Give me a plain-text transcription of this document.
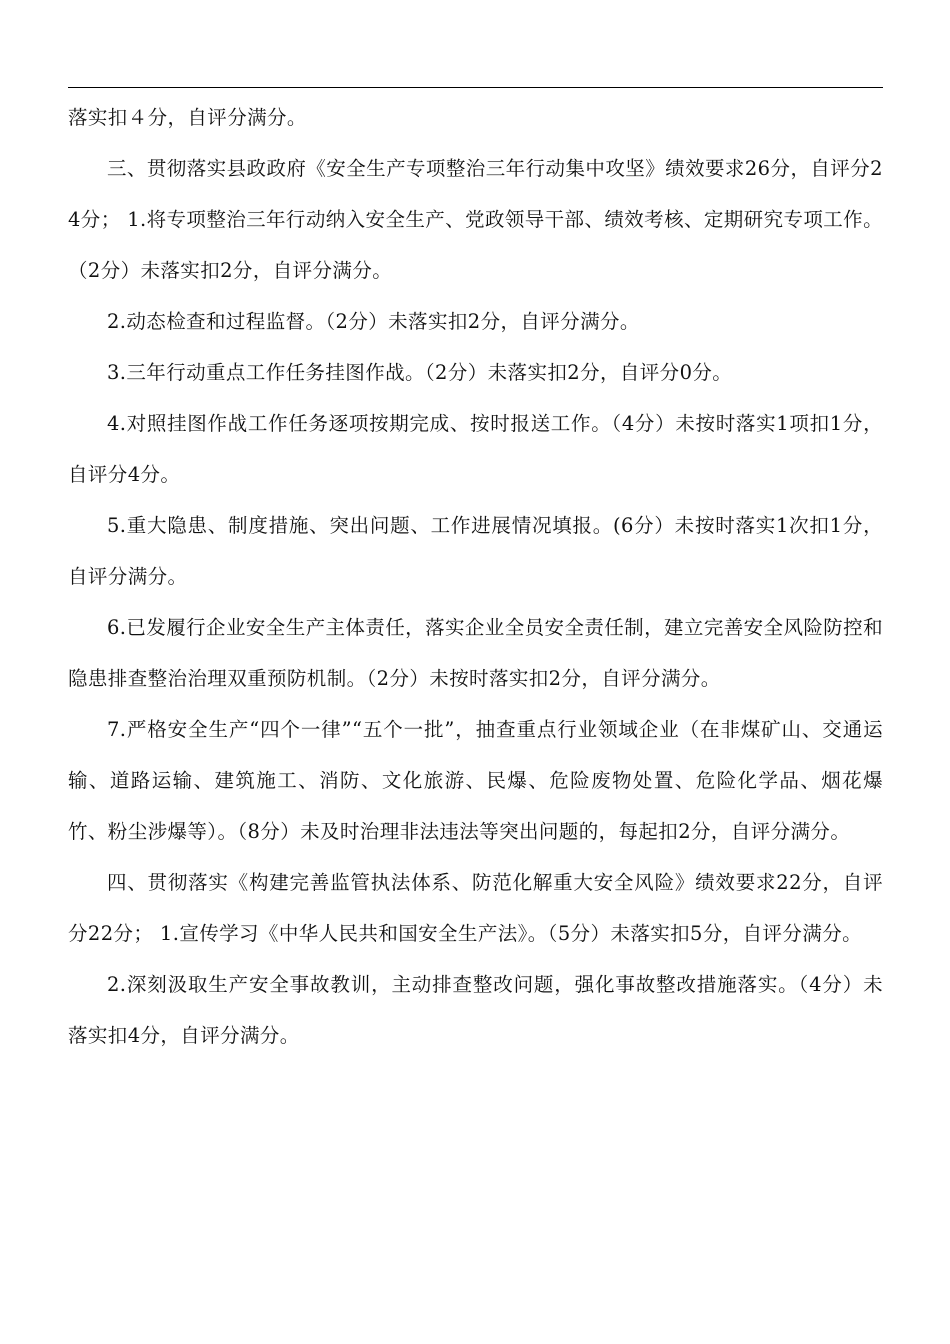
落实扣４分，自评分满分。

三、贯彻落实县政政府《安全生产专项整治三年行动集中攻坚》绩效要求26分，自评分24分； 1.将专项整治三年行动纳入安全生产、党政领导干部、绩效考核、定期研究专项工作。（2分）未落实扣2分，自评分满分。

2.动态检查和过程监督。（2分）未落实扣2分，自评分满分。

3.三年行动重点工作任务挂图作战。（2分）未落实扣2分，自评分0分。

4.对照挂图作战工作任务逐项按期完成、按时报送工作。（4分）未按时落实1项扣1分，自评分4分。

5.重大隐患、制度措施、突出问题、工作进展情况填报。(6分）未按时落实1次扣1分，自评分满分。

6.已发履行企业安全生产主体责任，落实企业全员安全责任制，建立完善安全风险防控和隐患排查整治治理双重预防机制。（2分）未按时落实扣2分，自评分满分。

7.严格安全生产“四个一律”“五个一批”，抽查重点行业领域企业（在非煤矿山、交通运输、道路运输、建筑施工、消防、文化旅游、民爆、危险废物处置、危险化学品、烟花爆竹、粉尘涉爆等）。（8分）未及时治理非法违法等突出问题的，每起扣2分，自评分满分。

四、贯彻落实《构建完善监管执法体系、防范化解重大安全风险》绩效要求22分，自评分22分； 1.宣传学习《中华人民共和国安全生产法》。（5分）未落实扣5分，自评分满分。

2.深刻汲取生产安全事故教训，主动排查整改问题，强化事故整改措施落实。（4分）未落实扣4分，自评分满分。
